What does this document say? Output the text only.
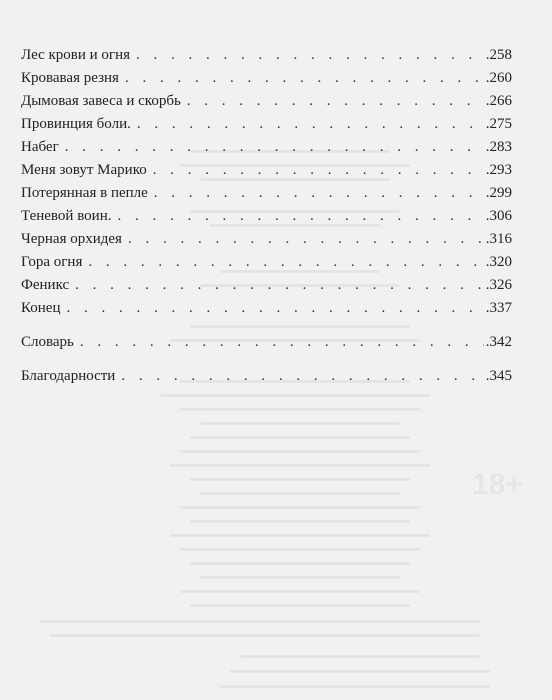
18+
Лес крови и огня . . .	.258
Кровавая резня . . .	.260
Дымовая завеса и скорбь . . .	.266
Провинция боли. . . .	.275
Набег . . .	.283
Меня зовут Марико . . .	.293
Потерянная в пепле . . .	.299
Теневой воин. . . .	.306
Черная орхидея . . .	.316
Гора огня . . .	.320
Феникс . . .	.326
Конец . . .	.337
Словарь . . .	.342
Благодарности . . .	.345
